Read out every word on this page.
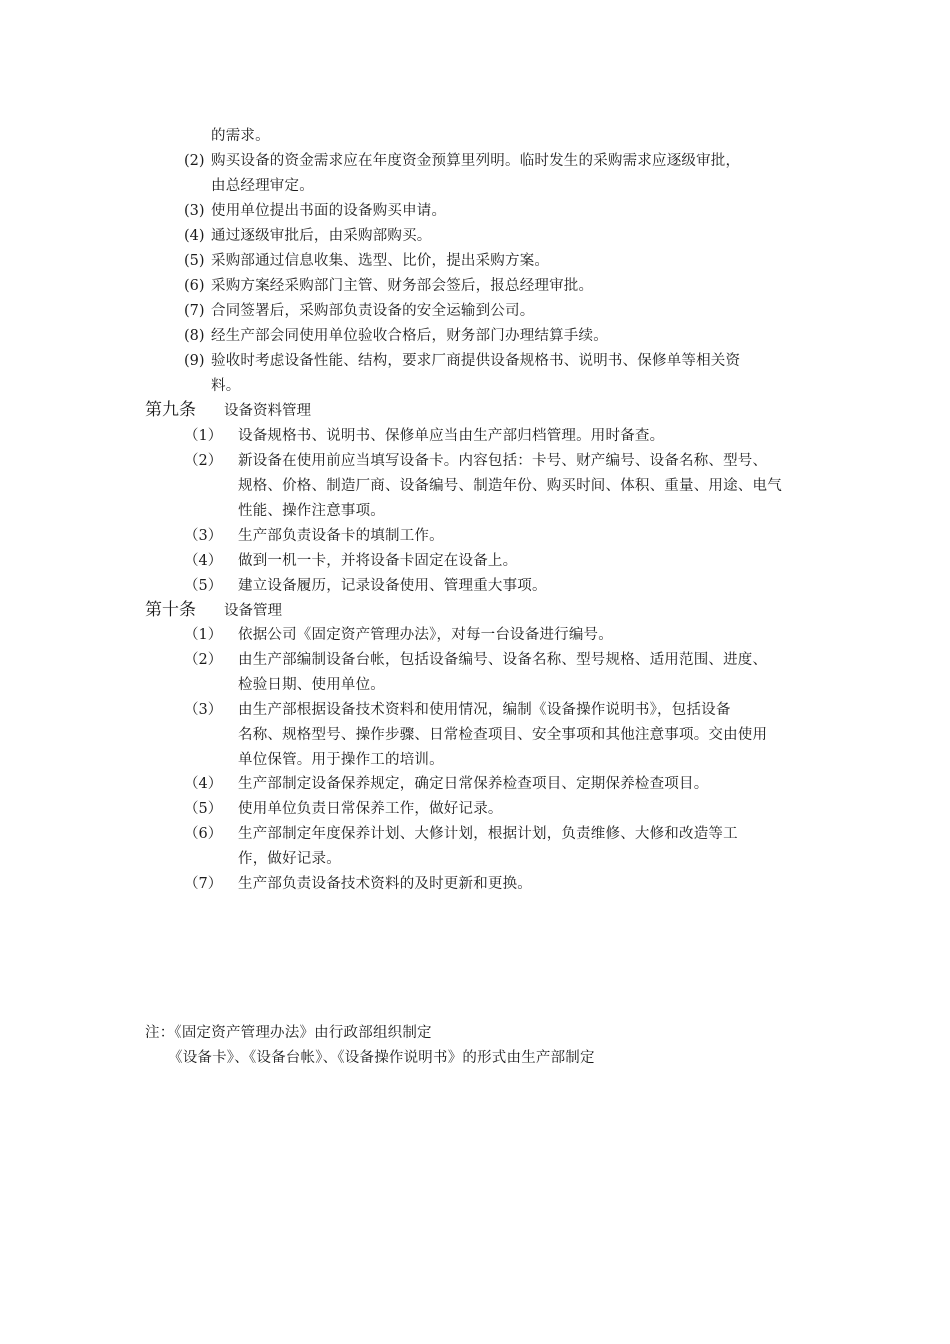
的需求。
(2) 购买设备的资金需求应在年度资金预算里列明。临时发生的采购需求应逐级审批，
由总经理审定。
(3) 使用单位提出书面的设备购买申请。
(4) 通过逐级审批后，由采购部购买。
(5) 采购部通过信息收集、选型、比价，提出采购方案。
(6) 采购方案经采购部门主管、财务部会签后，报总经理审批。
(7) 合同签署后，采购部负责设备的安全运输到公司。
(8) 经生产部会同使用单位验收合格后，财务部门办理结算手续。
(9) 验收时考虑设备性能、结构，要求厂商提供设备规格书、说明书、保修单等相关资
料。
第九条 设备资料管理
（1） 设备规格书、说明书、保修单应当由生产部归档管理。用时备查。
（2） 新设备在使用前应当填写设备卡。内容包括：卡号、财产编号、设备名称、型号、
规格、价格、制造厂商、设备编号、制造年份、购买时间、体积、重量、用途、电气
性能、操作注意事项。
（3） 生产部负责设备卡的填制工作。
（4） 做到一机一卡，并将设备卡固定在设备上。
（5） 建立设备履历，记录设备使用、管理重大事项。
第十条 设备管理
（1） 依据公司《固定资产管理办法》，对每一台设备进行编号。
（2） 由生产部编制设备台帐，包括设备编号、设备名称、型号规格、适用范围、进度、
检验日期、使用单位。
（3） 由生产部根据设备技术资料和使用情况，编制《设备操作说明书》，包括设备
名称、规格型号、操作步骤、日常检查项目、安全事项和其他注意事项。交由使用
单位保管。用于操作工的培训。
（4） 生产部制定设备保养规定，确定日常保养检查项目、定期保养检查项目。
（5） 使用单位负责日常保养工作，做好记录。
（6） 生产部制定年度保养计划、大修计划，根据计划，负责维修、大修和改造等工
作，做好记录。
（7） 生产部负责设备技术资料的及时更新和更换。
注：《固定资产管理办法》由行政部组织制定
《设备卡》、《设备台帐》、《设备操作说明书》的形式由生产部制定
